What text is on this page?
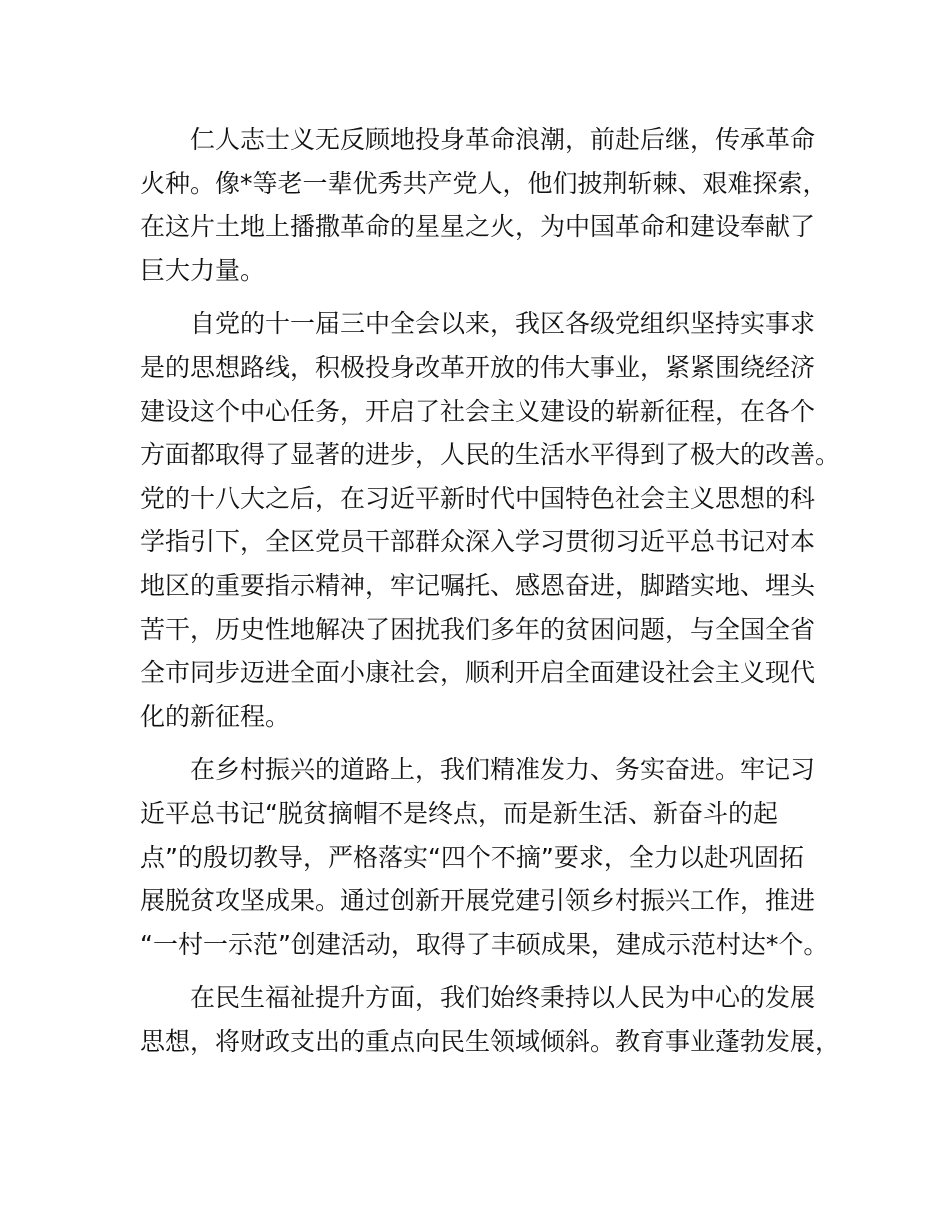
仁人志士义无反顾地投身革命浪潮，前赴后继，传承革命
火种。像*等老一辈优秀共产党人，他们披荆斩棘、艰难探索，
在这片土地上播撒革命的星星之火，为中国革命和建设奉献了
巨大力量。
自党的十一届三中全会以来，我区各级党组织坚持实事求
是的思想路线，积极投身改革开放的伟大事业，紧紧围绕经济
建设这个中心任务，开启了社会主义建设的崭新征程，在各个
方面都取得了显著的进步，人民的生活水平得到了极大的改善。
党的十八大之后，在习近平新时代中国特色社会主义思想的科
学指引下，全区党员干部群众深入学习贯彻习近平总书记对本
地区的重要指示精神，牢记嘱托、感恩奋进，脚踏实地、埋头
苦干，历史性地解决了困扰我们多年的贫困问题，与全国全省
全市同步迈进全面小康社会，顺利开启全面建设社会主义现代
化的新征程。
在乡村振兴的道路上，我们精准发力、务实奋进。牢记习
近平总书记“脱贫摘帽不是终点，而是新生活、新奋斗的起
点”的殷切教导，严格落实“四个不摘”要求，全力以赴巩固拓
展脱贫攻坚成果。通过创新开展党建引领乡村振兴工作，推进
“一村一示范”创建活动，取得了丰硕成果，建成示范村达*个。
在民生福祉提升方面，我们始终秉持以人民为中心的发展
思想，将财政支出的重点向民生领域倾斜。教育事业蓬勃发展，
